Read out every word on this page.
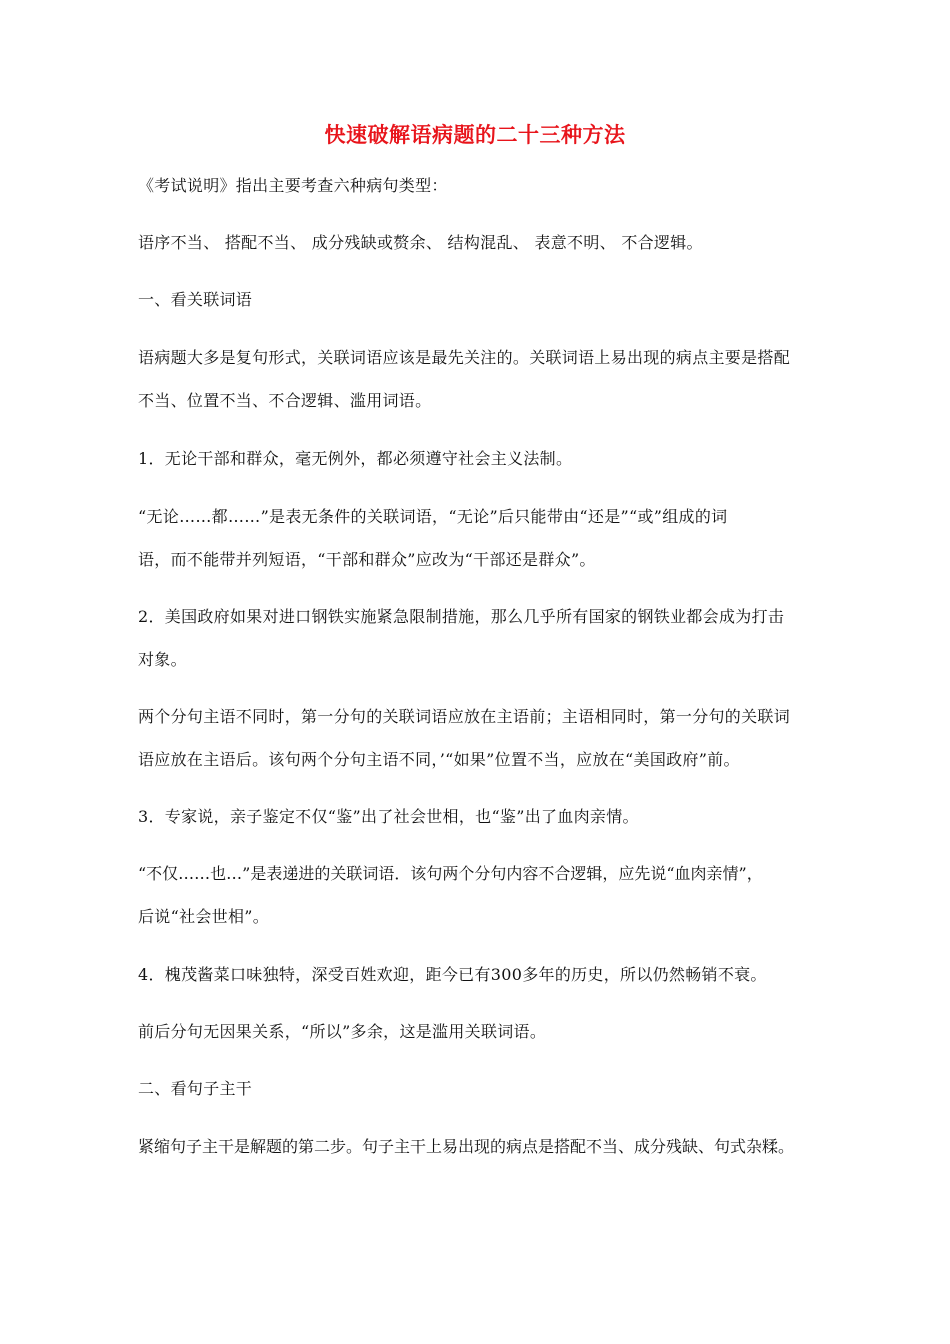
快速破解语病题的二十三种方法
《考试说明》指出主要考查六种病句类型：
语序不当、 搭配不当、 成分残缺或赘余、 结构混乱、 表意不明、 不合逻辑。
一、看关联词语
语病题大多是复句形式，关联词语应该是最先关注的。关联词语上易出现的病点主要是搭配
不当、位置不当、不合逻辑、滥用词语。
1．无论干部和群众，毫无例外，都必须遵守社会主义法制。
“无论……都……”是表无条件的关联词语，“无论”后只能带由“还是”“或”组成的词
语，而不能带并列短语，“干部和群众”应改为“干部还是群众”。
2．美国政府如果对进口钢铁实施紧急限制措施，那么几乎所有国家的钢铁业都会成为打击
对象。
两个分句主语不同时，第一分句的关联词语应放在主语前；主语相同时，第一分句的关联词
语应放在主语后。该句两个分句主语不同，’“如果”位置不当，应放在“美国政府”前。
3．专家说，亲子鉴定不仅“鉴”出了社会世相，也“鉴”出了血肉亲情。
“不仅……也…”是表递进的关联词语．该句两个分句内容不合逻辑，应先说“血肉亲情”，
后说“社会世相”。
4．槐茂酱菜口味独特，深受百姓欢迎，距今已有300多年的历史，所以仍然畅销不衰。
前后分句无因果关系，“所以”多余，这是滥用关联词语。
二、看句子主干
紧缩句子主干是解题的第二步。句子主干上易出现的病点是搭配不当、成分残缺、句式杂糅。
